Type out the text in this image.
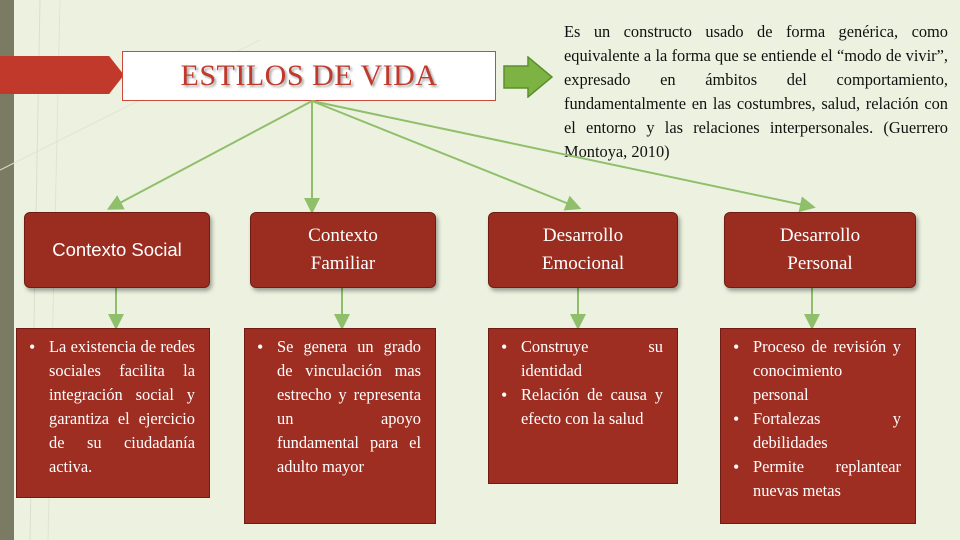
ESTILOS DE VIDA
Es un constructo usado de forma genérica, como equivalente a la forma que se entiende el “modo de vivir”, expresado en ámbitos del comportamiento, fundamentalmente en las costumbres, salud, relación con el entorno y las relaciones interpersonales. (Guerrero Montoya, 2010)
Contexto Social
Contexto Familiar
Desarrollo Emocional
Desarrollo Personal
• La existencia de redes sociales facilita la integración social y garantiza el ejercicio de su ciudadanía activa.
• Se genera un grado de vinculación mas estrecho y representa un apoyo fundamental para el adulto mayor
• Construye su identidad
• Relación de causa y efecto con la salud
• Proceso de revisión y conocimiento personal
• Fortalezas y debilidades
• Permite replantear nuevas metas
